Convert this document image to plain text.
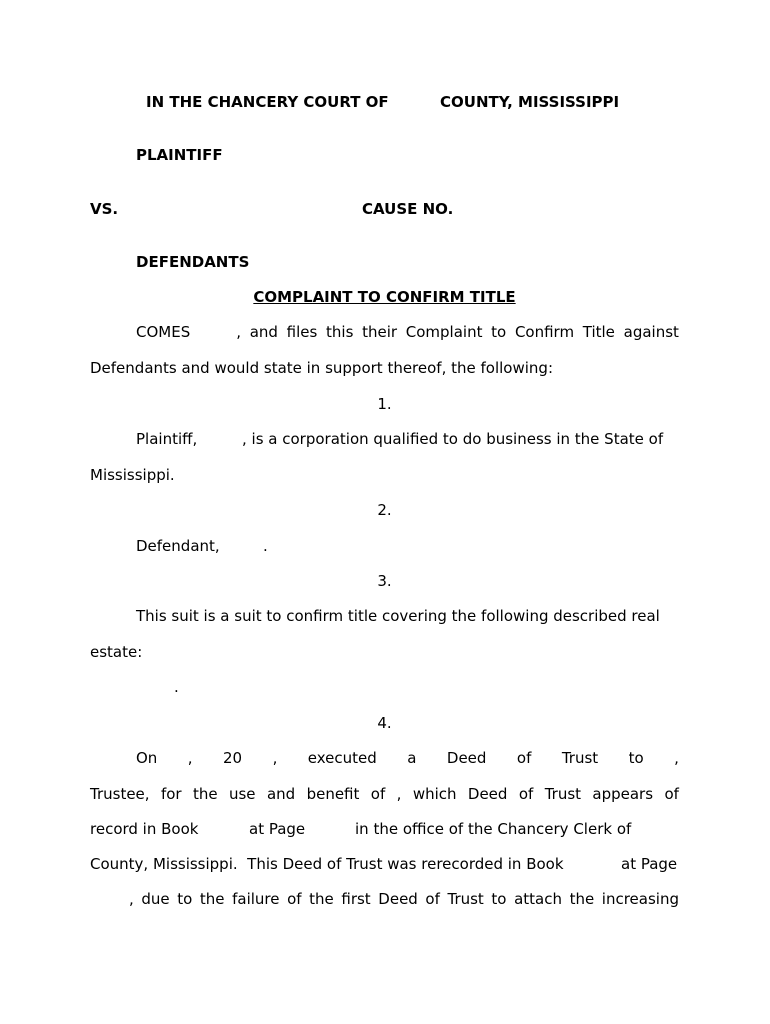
IN THE CHANCERY COURT OF	COUNTY, MISSISSIPPI
PLAINTIFF
VS.	CAUSE NO.
DEFENDANTS
COMPLAINT TO CONFIRM TITLE
COMES	, and files this their Complaint to Confirm Title against
Defendants and would state in support thereof, the following:
1.
Plaintiff,	, is a corporation qualified to do business in the State of
Mississippi.
2.
Defendant,	.
3.
This suit is a suit to confirm title covering the following described real
estate:
.
4.
On , 20 , executed a Deed of Trust to ,
Trustee, for the use and benefit of , which Deed of Trust appears of
record in Book	at Page	in the office of the Chancery Clerk of
County, Mississippi.  This Deed of Trust was rerecorded in Book	at Page
, due to the failure of the first Deed of Trust to attach the increasing
